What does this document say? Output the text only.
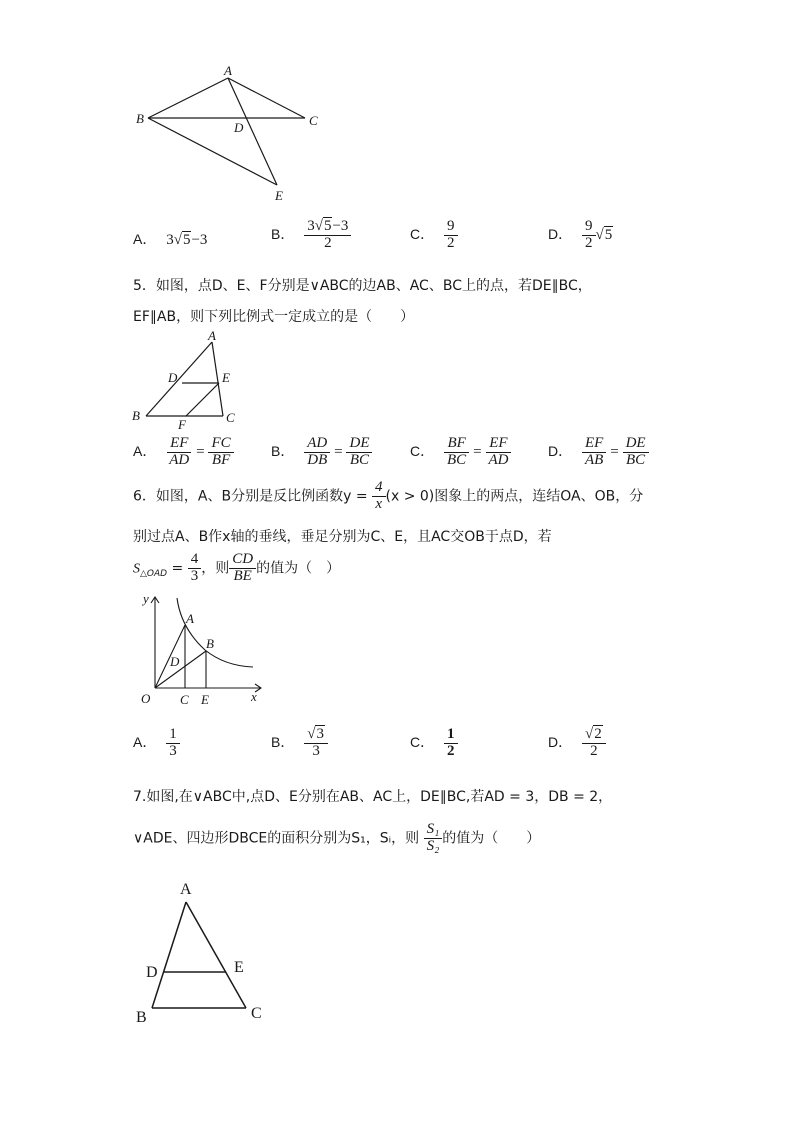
A
B	C
D
E
A． 3√5−3	B． $\frac{3√5-3}{2}$	C． $\frac{9}{2}$	D． $\frac{9}{2} √5$
5．如图，点D、E、F分别是∨ABC的边AB、AC、BC上的点，若DE∥BC，
EF∥AB，则下列比例式一定成立的是（　　）
A
D	E
B	C
F
A． $\frac{EF}{AD} = \frac{FC}{BF}$	B． $\frac{AD}{DB} = \frac{DE}{BC}$	C． $\frac{BF}{BC} = \frac{EF}{AD}$	D． $\frac{EF}{AB} = \frac{DE}{BC}$
6．如图，A、B分别是反比例函数$y = \frac{4}{x} (x > 0)$图象上的两点，连结OA、OB，分
别过点A、B作x轴的垂线，垂足分别为C、E，且AC交OB于点D，若
$S_{\triangle OAD} = \frac{4}{3}$ ，则 $\frac{CD}{BE}$ 的值为（　）
y
x
O
A
B
D
C E
A． $\frac{1}{3}$	B． $\frac{√3}{3}$	C． $\frac{1}{2}$	D． $\frac{√2}{2}$
7.如图,在∨ABC中,点D、E分别在AB、AC上，DE∥BC,若AD = 3，DB = 2，
∨ADE、四边形DBCE的面积分别为S₁，Sᵢ，则 $\frac{\text{S₁}}{\text{S₂}}$ 的值为（　　）
A
D	E
B	C
